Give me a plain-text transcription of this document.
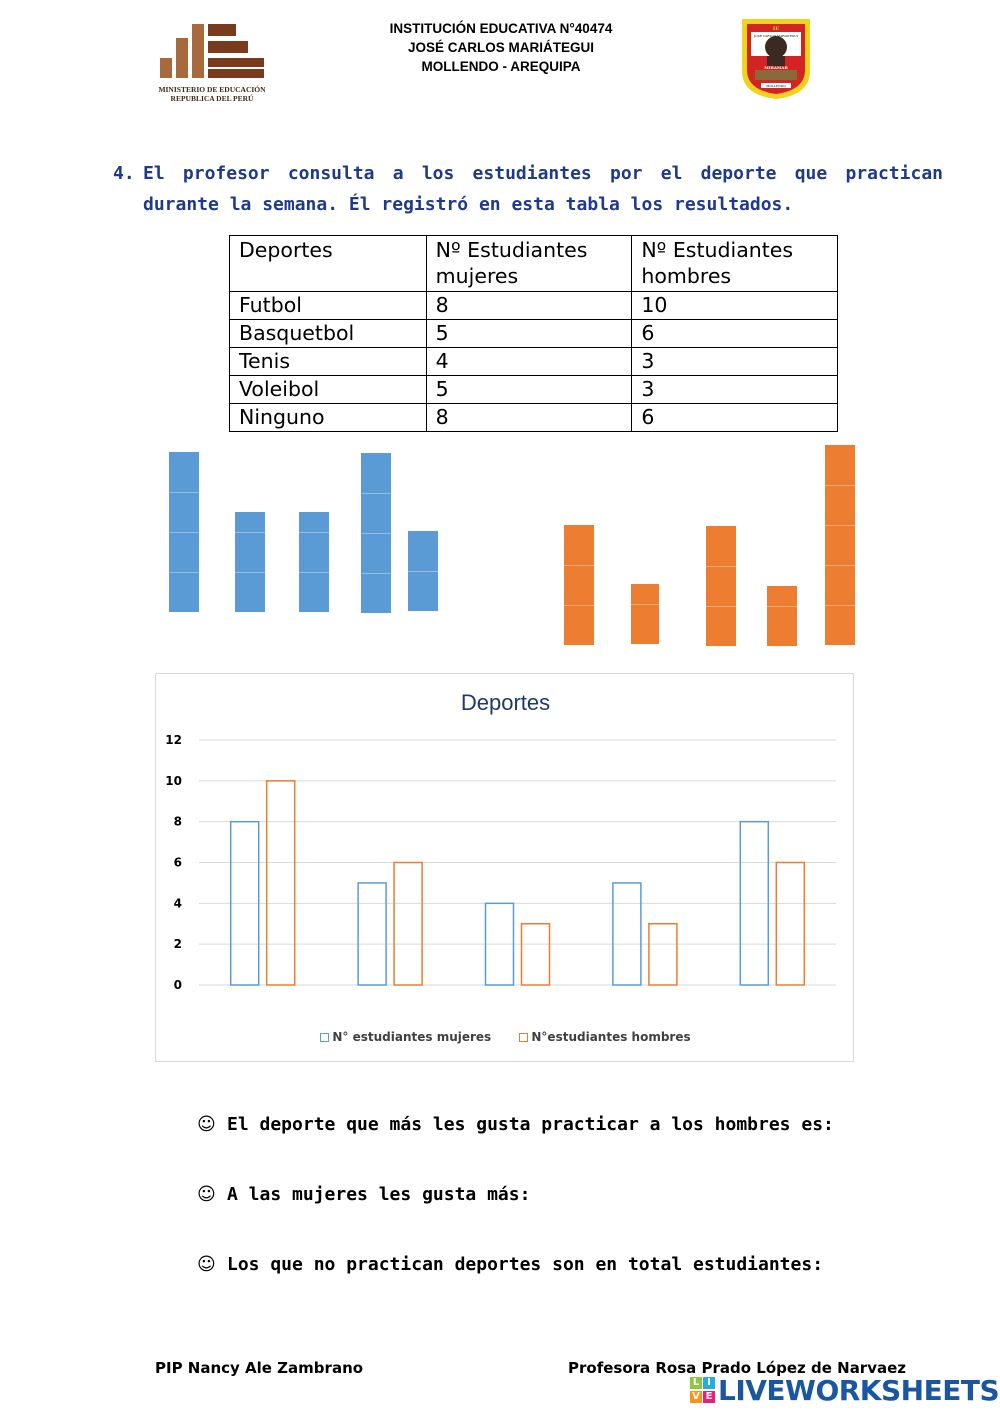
MINISTERIO DE EDUCACIÓN
REPUBLICA DEL PERÚ
INSTITUCIÓN EDUCATIVA N°40474
JOSÉ CARLOS MARIÁTEGUI
MOLLENDO - AREQUIPA
IE
JOSÉ CARLOS MARIÁTEGUI
MIRAMAR
MOLLENDO
4. El profesor consulta a los estudiantes por el deporte que practican durante la semana. Él registró en esta tabla los resultados.
Deportes	Nº Estudiantes mujeres	Nº Estudiantes hombres
Futbol	8	10
Basquetbol	5	6
Tenis	4	3
Voleibol	5	3
Ninguno	8	6
Deportes
0
2
4
6
8
10
12
N° estudiantes mujeres	N°estudiantes hombres
☺ El deporte que más les gusta practicar a los hombres es:
☺ A las mujeres les gusta más:
☺ Los que no practican deportes son en total estudiantes:
PIP Nancy Ale Zambrano	Profesora Rosa Prado López de Narvaez
L I
V E LIVEWORKSHEETS
